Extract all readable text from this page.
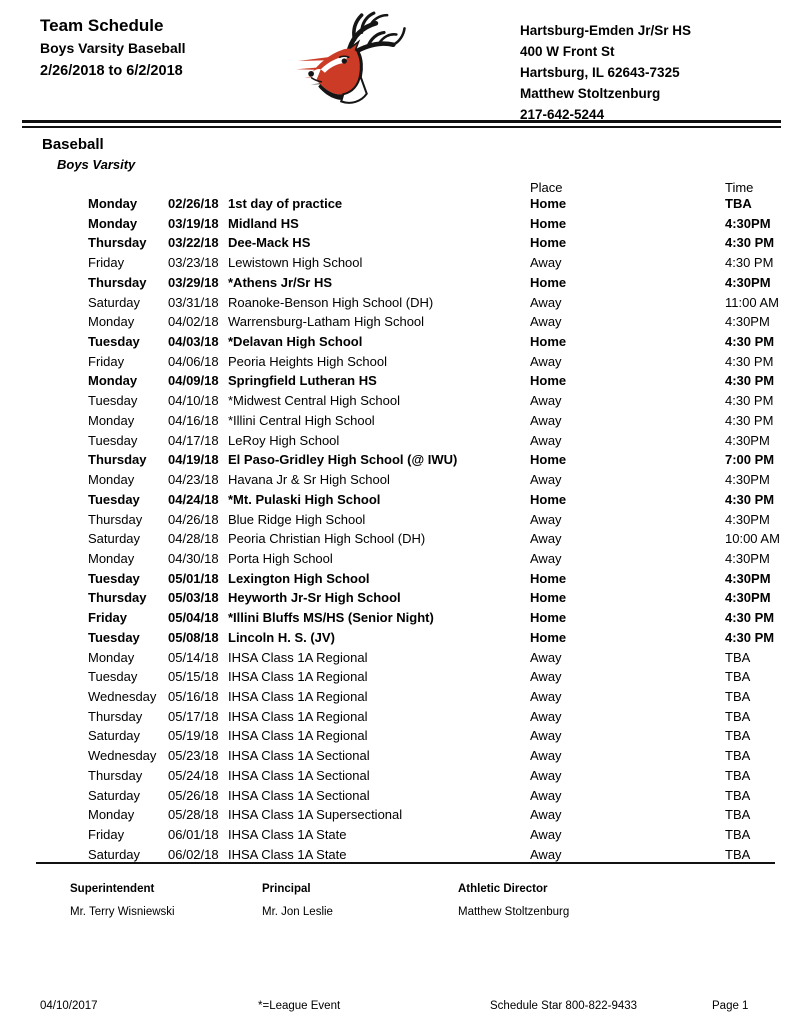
Team Schedule
Boys Varsity Baseball
2/26/2018 to 6/2/2018
Hartsburg-Emden Jr/Sr HS
400 W Front St
Hartsburg, IL 62643-7325
Matthew Stoltzenburg
217-642-5244
Baseball
Boys Varsity
Place	Time
Monday	02/26/18 1st day of practice	Home	TBA
Monday	03/19/18 Midland HS	Home	4:30PM
Thursday	03/22/18 Dee-Mack HS	Home	4:30 PM
Friday	03/23/18 Lewistown High School	Away	4:30 PM
Thursday	03/29/18 *Athens Jr/Sr HS	Home	4:30PM
Saturday	03/31/18 Roanoke-Benson High School (DH)	Away	11:00 AM
Monday	04/02/18 Warrensburg-Latham High School	Away	4:30PM
Tuesday	04/03/18 *Delavan High School	Home	4:30 PM
Friday	04/06/18 Peoria Heights High School	Away	4:30 PM
Monday	04/09/18 Springfield Lutheran HS	Home	4:30 PM
Tuesday	04/10/18 *Midwest Central High School	Away	4:30 PM
Monday	04/16/18 *Illini Central High School	Away	4:30 PM
Tuesday	04/17/18 LeRoy High School	Away	4:30PM
Thursday	04/19/18 El Paso-Gridley High School (@ IWU)	Home	7:00 PM
Monday	04/23/18 Havana Jr & Sr High School	Away	4:30PM
Tuesday	04/24/18 *Mt. Pulaski High School	Home	4:30 PM
Thursday	04/26/18 Blue Ridge High School	Away	4:30PM
Saturday	04/28/18 Peoria Christian High School (DH)	Away	10:00 AM
Monday	04/30/18 Porta High School	Away	4:30PM
Tuesday	05/01/18 Lexington High School	Home	4:30PM
Thursday	05/03/18 Heyworth Jr-Sr High School	Home	4:30PM
Friday	05/04/18 *Illini Bluffs MS/HS (Senior Night)	Home	4:30 PM
Tuesday	05/08/18 Lincoln H. S. (JV)	Home	4:30 PM
Monday	05/14/18 IHSA Class 1A Regional	Away	TBA
Tuesday	05/15/18 IHSA Class 1A Regional	Away	TBA
Wednesday 05/16/18 IHSA Class 1A Regional	Away	TBA
Thursday	05/17/18 IHSA Class 1A Regional	Away	TBA
Saturday	05/19/18 IHSA Class 1A Regional	Away	TBA
Wednesday 05/23/18 IHSA Class 1A Sectional	Away	TBA
Thursday	05/24/18 IHSA Class 1A Sectional	Away	TBA
Saturday	05/26/18 IHSA Class 1A Sectional	Away	TBA
Monday	05/28/18 IHSA Class 1A Supersectional	Away	TBA
Friday	06/01/18 IHSA Class 1A State	Away	TBA
Saturday	06/02/18 IHSA Class 1A State	Away	TBA
Superintendent
Mr. Terry Wisniewski
Principal
Mr. Jon Leslie
Athletic Director
Matthew Stoltzenburg
04/10/2017	*=League Event	Schedule Star 800-822-9433	Page 1
